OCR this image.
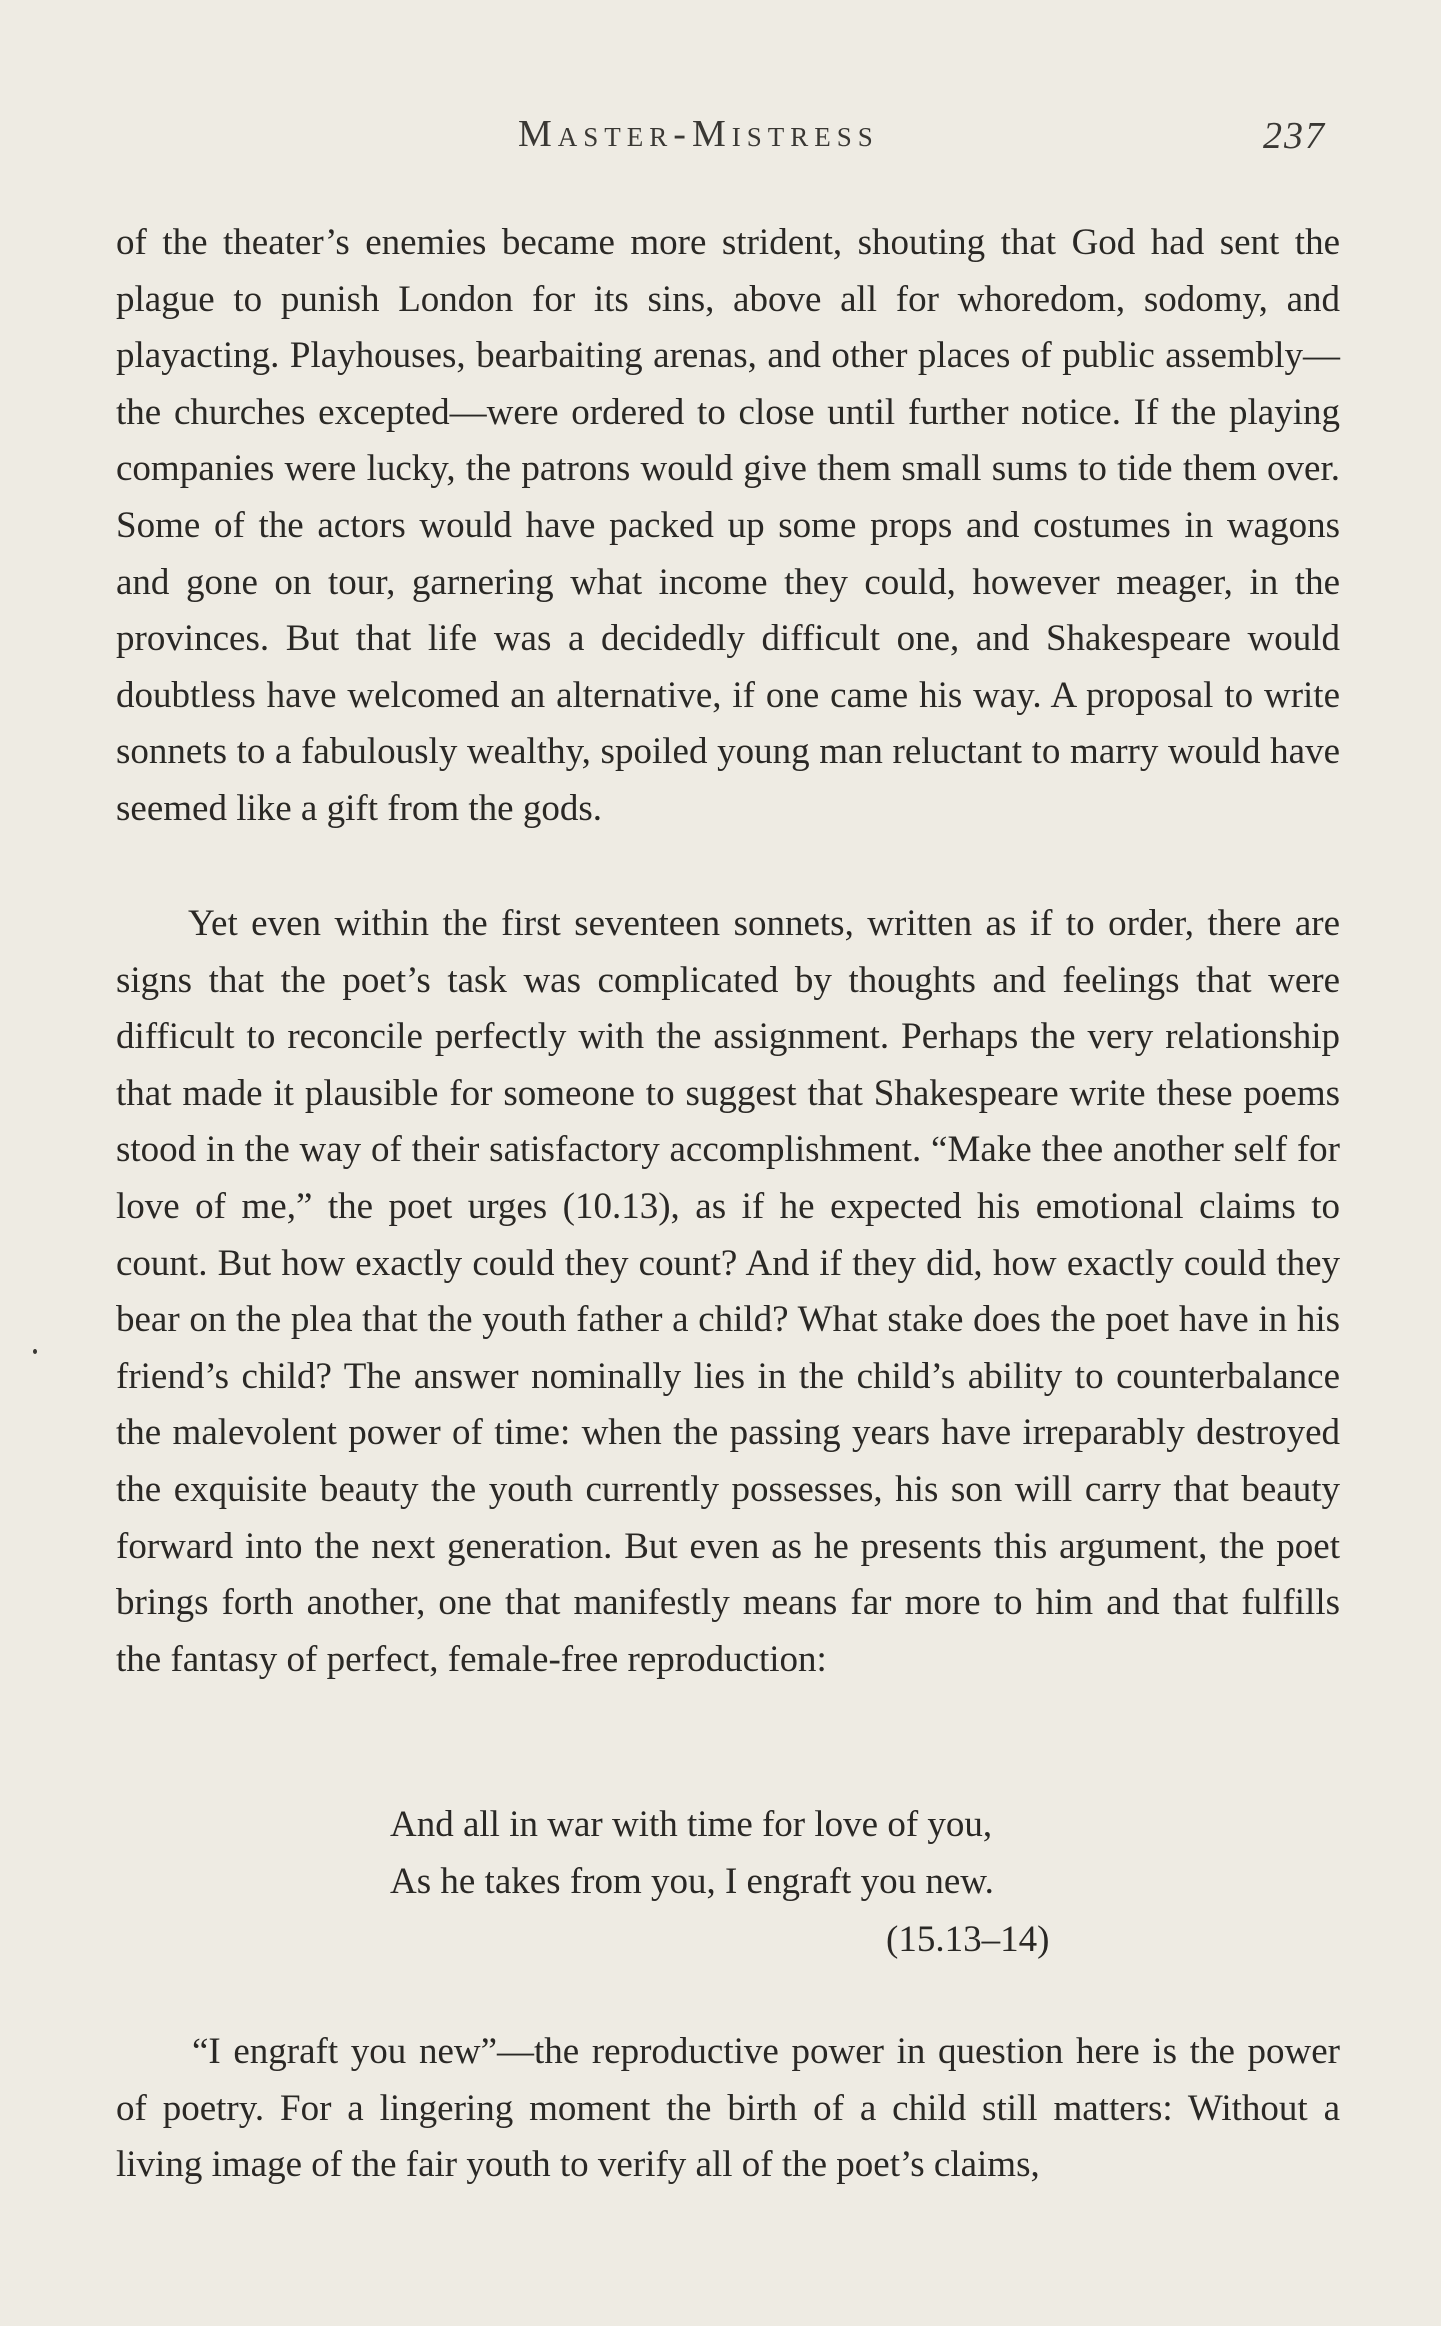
Master-Mistress	237

of the theater’s enemies became more strident, shouting that God had sent the plague to punish London for its sins, above all for whoredom, sodomy, and playacting. Playhouses, bearbaiting arenas, and other places of public assembly—the churches excepted—were ordered to close until further notice. If the playing companies were lucky, the patrons would give them small sums to tide them over. Some of the actors would have packed up some props and costumes in wagons and gone on tour, garnering what income they could, however meager, in the provinces. But that life was a decidedly difficult one, and Shakespeare would doubtless have welcomed an alternative, if one came his way. A proposal to write sonnets to a fabulously wealthy, spoiled young man reluctant to marry would have seemed like a gift from the gods.

Yet even within the first seventeen sonnets, written as if to order, there are signs that the poet’s task was complicated by thoughts and feelings that were difficult to reconcile perfectly with the assignment. Perhaps the very relationship that made it plausible for someone to suggest that Shakespeare write these poems stood in the way of their satisfactory accomplishment. “Make thee another self for love of me,” the poet urges (10.13), as if he expected his emotional claims to count. But how exactly could they count? And if they did, how exactly could they bear on the plea that the youth father a child? What stake does the poet have in his friend’s child? The answer nominally lies in the child’s ability to counterbalance the malevolent power of time: when the passing years have irreparably destroyed the exquisite beauty the youth currently possesses, his son will carry that beauty forward into the next generation. But even as he presents this argument, the poet brings forth another, one that manifestly means far more to him and that fulfills the fantasy of perfect, female-free reproduction:

And all in war with time for love of you,
As he takes from you, I engraft you new.
(15.13–14)

“I engraft you new”—the reproductive power in question here is the power of poetry. For a lingering moment the birth of a child still matters: Without a living image of the fair youth to verify all of the poet’s claims,
